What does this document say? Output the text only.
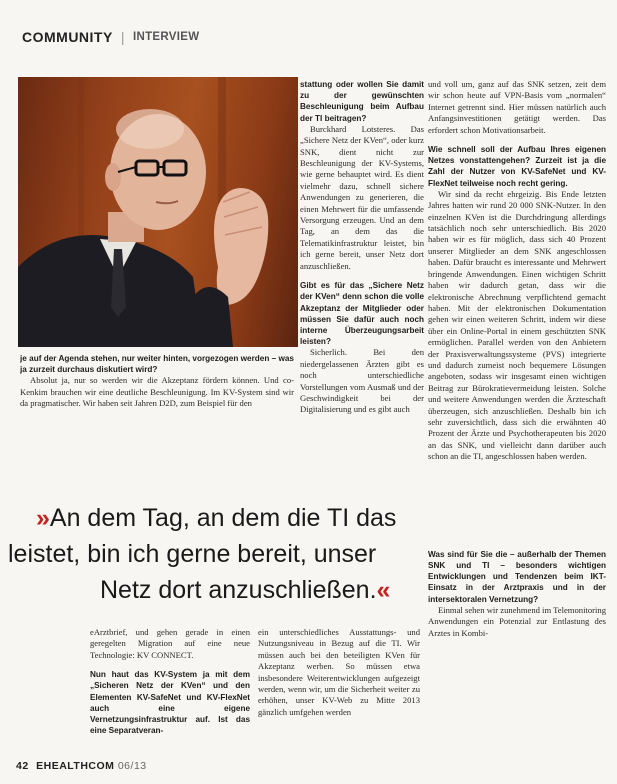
COMMUNITY | INTERVIEW

je auf der Agenda stehen, nur weiter hinten, vorgezogen werden – was ja zurzeit durchaus diskutiert wird?

Absolut ja, nur so werden wir die Akzeptanz fördern können. Und co-Kenkim brauchen wir eine deutliche Beschleunigung. Im KV-System sind wir da pragmatischer. Wir haben seit Jahren D2D, zum Beispiel für den

stattung oder wollen Sie damit zu der gewünschten Beschleunigung beim Aufbau der TI beitragen?

Burckhard Lotsteres. Das „Sichere Netz der KVen“, oder kurz SNK, dient nicht zur Beschleunigung der KV-Systems, wie gerne behauptet wird. Es dient vielmehr dazu, schnell sichere Anwendungen zu generieren, die einen Mehrwert für die umfassende Versorgung erzeugen. Und an dem Tag, an dem das die Telematikinfrastruktur leistet, bin ich gerne bereit, unser Netz dort anzuschließen.

Gibt es für das „Sichere Netz der KVen“ denn schon die volle Akzeptanz der Mitglieder oder müssen Sie dafür auch noch interne Überzeugungsarbeit leisten?

Sicherlich. Bei den niedergelassenen Ärzten gibt es noch unterschiedliche Vorstellungen vom Ausmaß und der Geschwindigkeit bei der Digitalisierung und es gibt auch

und voll um, ganz auf das SNK setzen, zeit dem wir schon heute auf VPN-Basis vom „normalen“ Internet getrennt sind. Hier müssen natürlich auch Anfangsinvestitionen getätigt werden. Das erfordert schon Motivationsarbeit.

Wie schnell soll der Aufbau Ihres eigenen Netzes vonstattengehen? Zurzeit ist ja die Zahl der Nutzer von KV-SafeNet und KV-FlexNet teilweise noch recht gering.

Wir sind da recht ehrgeizig. Bis Ende letzten Jahres hatten wir rund 20 000 SNK-Nutzer. In den einzelnen KVen ist die Durchdringung allerdings tatsächlich noch sehr unterschiedlich. Bis 2020 haben wir es für möglich, dass sich 40 Prozent unserer Mitglieder an dem SNK angeschlossen haben. Dafür braucht es interessante und Mehrwert bringende Anwendungen. Einen wichtigen Schritt haben wir dadurch getan, dass wir die elektronische Abrechnung verpflichtend gemacht haben. Mit der elektronischen Dokumentation gehen wir einen weiteren Schritt, indem wir diese über ein Online-Portal in einem geschützten SNK ermöglichen. Parallel werden von den Anbietern der Praxisverwaltungssysteme (PVS) integrierte und dadurch zumeist noch bequemere Lösungen angeboten, sodass wir insgesamt einen wichtigen Beitrag zur Bürokratievermeidung leisten. Solche und weitere Anwendungen werden die Ärzteschaft überzeugen, sich anzuschließen. Deshalb bin ich sehr zuversichtlich, dass sich die erwähnten 40 Prozent der Ärzte und Psychotherapeuten bis 2020 an das SNK, und vielleicht dann darüber auch schon an die TI, angeschlossen haben werden.

Was sind für Sie die – außerhalb der Themen SNK und TI – besonders wichtigen Entwicklungen und Tendenzen beim IKT-Einsatz in der Arztpraxis und in der intersektoralen Vernetzung?

Einmal sehen wir zunehmend im Telemonitoring Anwendungen ein Potenzial zur Entlastung des Arztes in Kombi-

»An dem Tag, an dem die TI das
leistet, bin ich gerne bereit, unser
Netz dort anzuschließen.«

eArztbrief, und gehen gerade in einen geregelten Migration auf eine neue Technologie: KV CONNECT.

Nun haut das KV-System ja mit dem „Sicheren Netz der KVen“ und den Elementen KV-SafeNet und KV-FlexNet auch eine eigene Vernetzungsinfrastruktur auf. Ist das eine Separatveran-

ein unterschiedliches Ausstattungs- und Nutzungsniveau in Bezug auf die TI. Wir müssen auch bei den beteiligten KVen für Akzeptanz werben. So müssen etwa insbesondere Weiterentwicklungen aufgezeigt werden, wenn wir, um die Sicherheit weiter zu erhöhen, unser KV-Web zu Mitte 2013 gänzlich umfgehen werden

42 EHEALTHCOM 06/13
